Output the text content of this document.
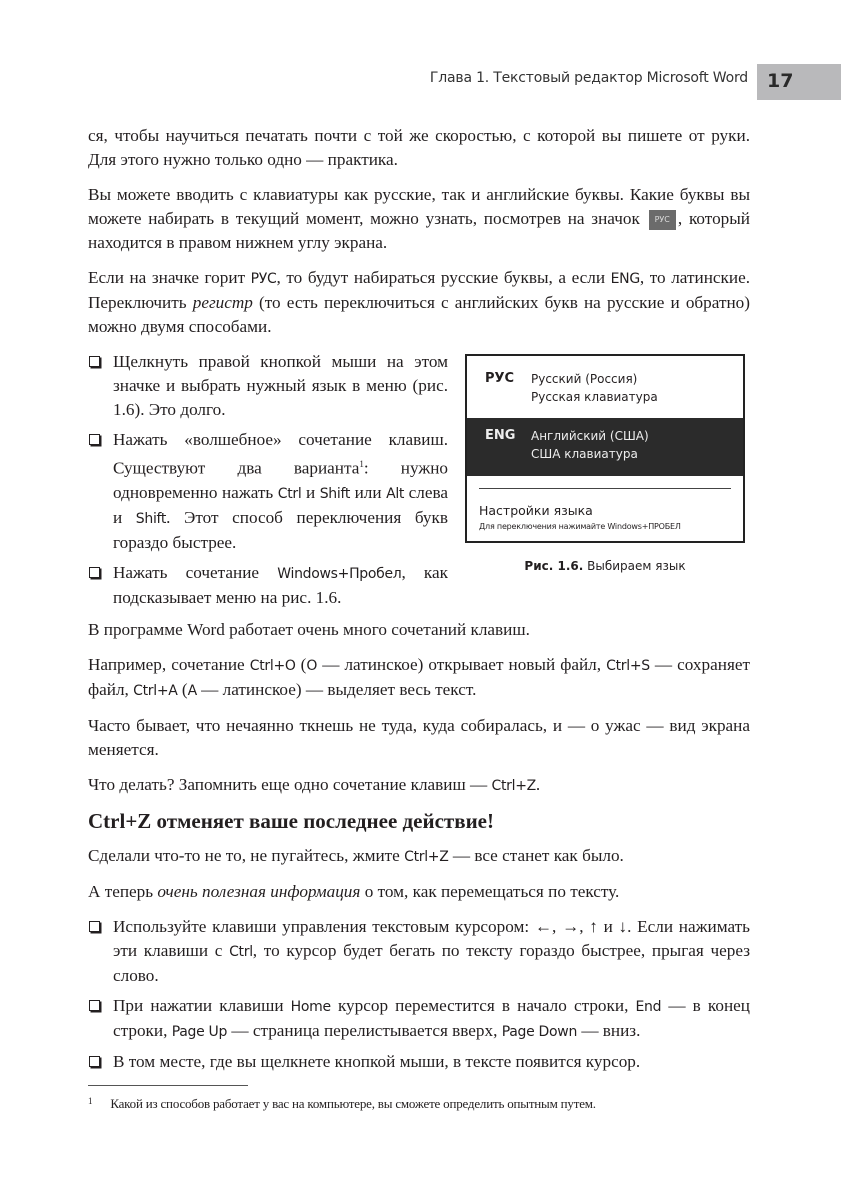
Глава 1. Текстовый редактор Microsoft Word 17
РУС	Русский (Россия)
Русская клавиатура
ENG	Английский (США)
США клавиатура
Настройки языка
Для переключения нажимайте Windows+ПРОБЕЛ
Рис. 1.6. Выбираем язык

ся, чтобы научиться печатать почти с той же скоростью, с которой вы пишете от руки. Для этого нужно только одно — практика.

Вы можете вводить с клавиатуры как русские, так и английские буквы. Какие буквы вы можете набирать в текущий момент, можно узнать, посмотрев на значок РУС , который находится в правом нижнем углу экрана.

Если на значке горит РУС, то будут набираться русские буквы, а если ENG, то латинские. Переключить регистр (то есть переключиться с английских букв на русские и обратно) можно двумя способами.

Щелкнуть правой кнопкой мыши на этом значке и выбрать нужный язык в меню (рис. 1.6). Это долго.
Нажать «волшебное» сочетание клавиш. Существуют два варианта$^1$: нужно одновременно нажать Ctrl и Shift или Alt слева и Shift. Этот способ переключения букв гораздо быстрее.
Нажать сочетание Windows+Пробел, как подсказывает меню на рис. 1.6.

В программе Word работает очень много сочетаний клавиш.

Например, сочетание Ctrl+O (O — латинское) открывает новый файл, Ctrl+S — сохраняет файл, Ctrl+A (A — латинское) — выделяет весь текст.

Часто бывает, что нечаянно ткнешь не туда, куда собиралась, и — о ужас — вид экрана меняется.

Что делать? Запомнить еще одно сочетание клавиш — Ctrl+Z.

Ctrl+Z отменяет ваше последнее действие!

Сделали что-то не то, не пугайтесь, жмите Ctrl+Z — все станет как было.

А теперь очень полезная информация о том, как перемещаться по тексту.

Используйте клавиши управления текстовым курсором: ←, →, ↑ и ↓. Если нажимать эти клавиши с Ctrl, то курсор будет бегать по тексту гораздо быстрее, прыгая через слово.
При нажатии клавиши Home курсор переместится в начало строки, End — в конец строки, Page Up — страница перелистывается вверх, Page Down — вниз.
В том месте, где вы щелкнете кнопкой мыши, в тексте появится курсор.
$^1$ Какой из способов работает у вас на компьютере, вы сможете определить опытным путем.
